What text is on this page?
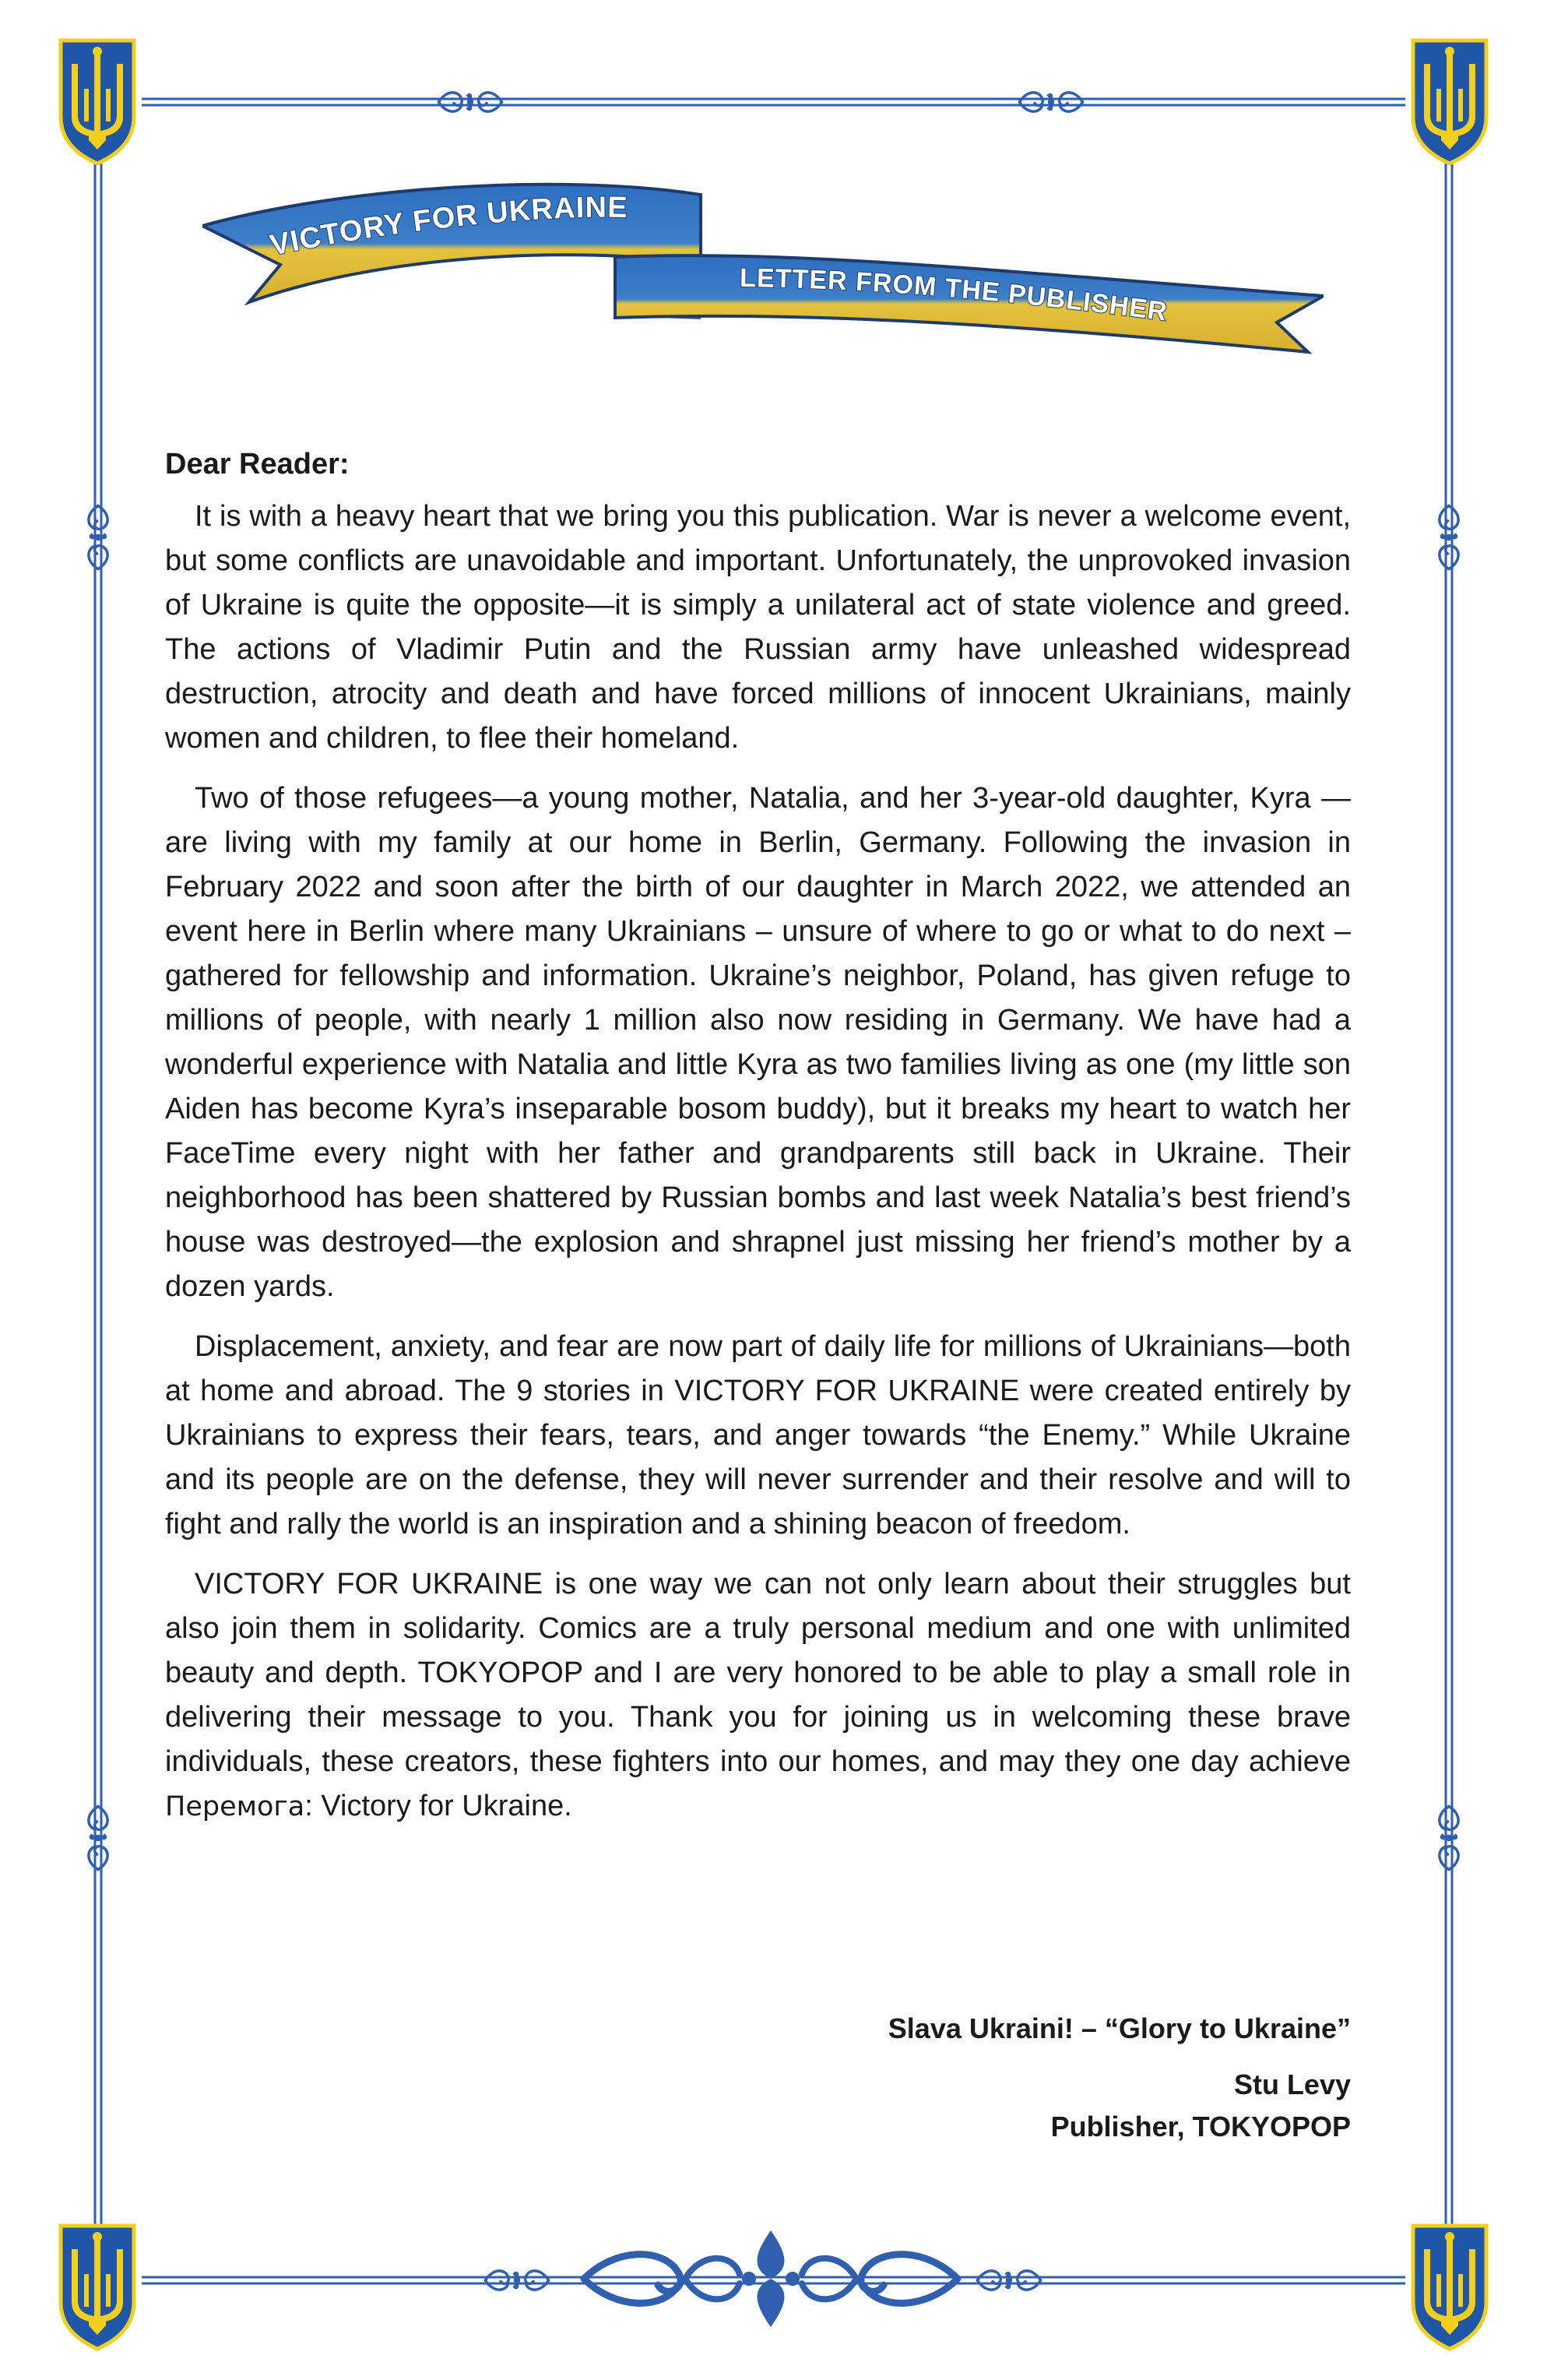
VICTORY FOR UKRAINE
LETTER FROM THE PUBLISHER

Dear Reader:

It is with a heavy heart that we bring you this publication. War is never a welcome event, but some conflicts are unavoidable and important. Unfortunately, the unprovoked invasion of Ukraine is quite the opposite—it is simply a unilateral act of state violence and greed. The actions of Vladimir Putin and the Russian army have unleashed widespread destruction, atrocity and death and have forced millions of innocent Ukrainians, mainly women and children, to flee their homeland.

Two of those refugees—a young mother, Natalia, and her 3-year-old daughter, Kyra —are living with my family at our home in Berlin, Germany. Following the invasion in February 2022 and soon after the birth of our daughter in March 2022, we attended an event here in Berlin where many Ukrainians – unsure of where to go or what to do next – gathered for fellowship and information. Ukraine’s neighbor, Poland, has given refuge to millions of people, with nearly 1 million also now residing in Germany. We have had a wonderful experience with Natalia and little Kyra as two families living as one (my little son Aiden has become Kyra’s inseparable bosom buddy), but it breaks my heart to watch her FaceTime every night with her father and grandparents still back in Ukraine. Their neighborhood has been shattered by Russian bombs and last week Natalia’s best friend’s house was destroyed—the explosion and shrapnel just missing her friend’s mother by a dozen yards.

Displacement, anxiety, and fear are now part of daily life for millions of Ukrainians—both at home and abroad. The 9 stories in VICTORY FOR UKRAINE were created entirely by Ukrainians to express their fears, tears, and anger towards “the Enemy.” While Ukraine and its people are on the defense, they will never surrender and their resolve and will to fight and rally the world is an inspiration and a shining beacon of freedom.

VICTORY FOR UKRAINE is one way we can not only learn about their struggles but also join them in solidarity. Comics are a truly personal medium and one with unlimited beauty and depth. TOKYOPOP and I are very honored to be able to play a small role in delivering their message to you. Thank you for joining us in welcoming these brave individuals, these creators, these fighters into our homes, and may they one day achieve Перемога: Victory for Ukraine.

Slava Ukraini! – “Glory to Ukraine”
Stu Levy
Publisher, TOKYOPOP
